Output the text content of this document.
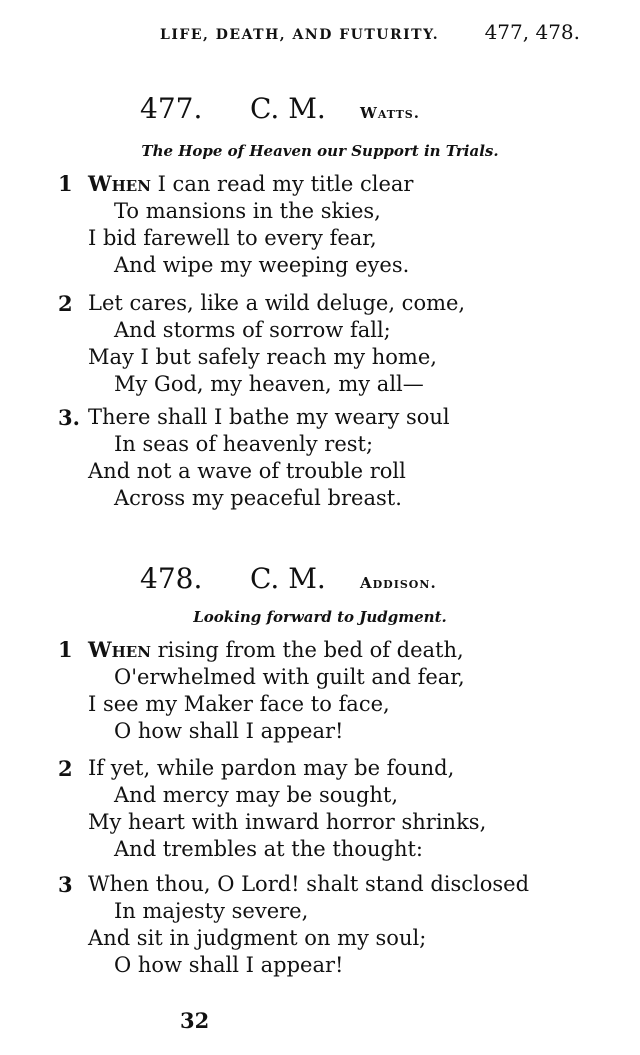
LIFE, DEATH, AND FUTURITY. 477, 478.
477.	C. M.	Watts.
The Hope of Heaven our Support in Trials.
1 When I can read my title clear
To mansions in the skies,
I bid farewell to every fear,
And wipe my weeping eyes.
2 Let cares, like a wild deluge, come,
And storms of sorrow fall;
May I but safely reach my home,
My God, my heaven, my all—
3. There shall I bathe my weary soul
In seas of heavenly rest;
And not a wave of trouble roll
Across my peaceful breast.
478.	C. M.	Addison.
Looking forward to Judgment.
1 When rising from the bed of death,
O'erwhelmed with guilt and fear,
I see my Maker face to face,
O how shall I appear!
2 If yet, while pardon may be found,
And mercy may be sought,
My heart with inward horror shrinks,
And trembles at the thought:
3 When thou, O Lord! shalt stand disclosed
In majesty severe,
And sit in judgment on my soul;
O how shall I appear!
32
